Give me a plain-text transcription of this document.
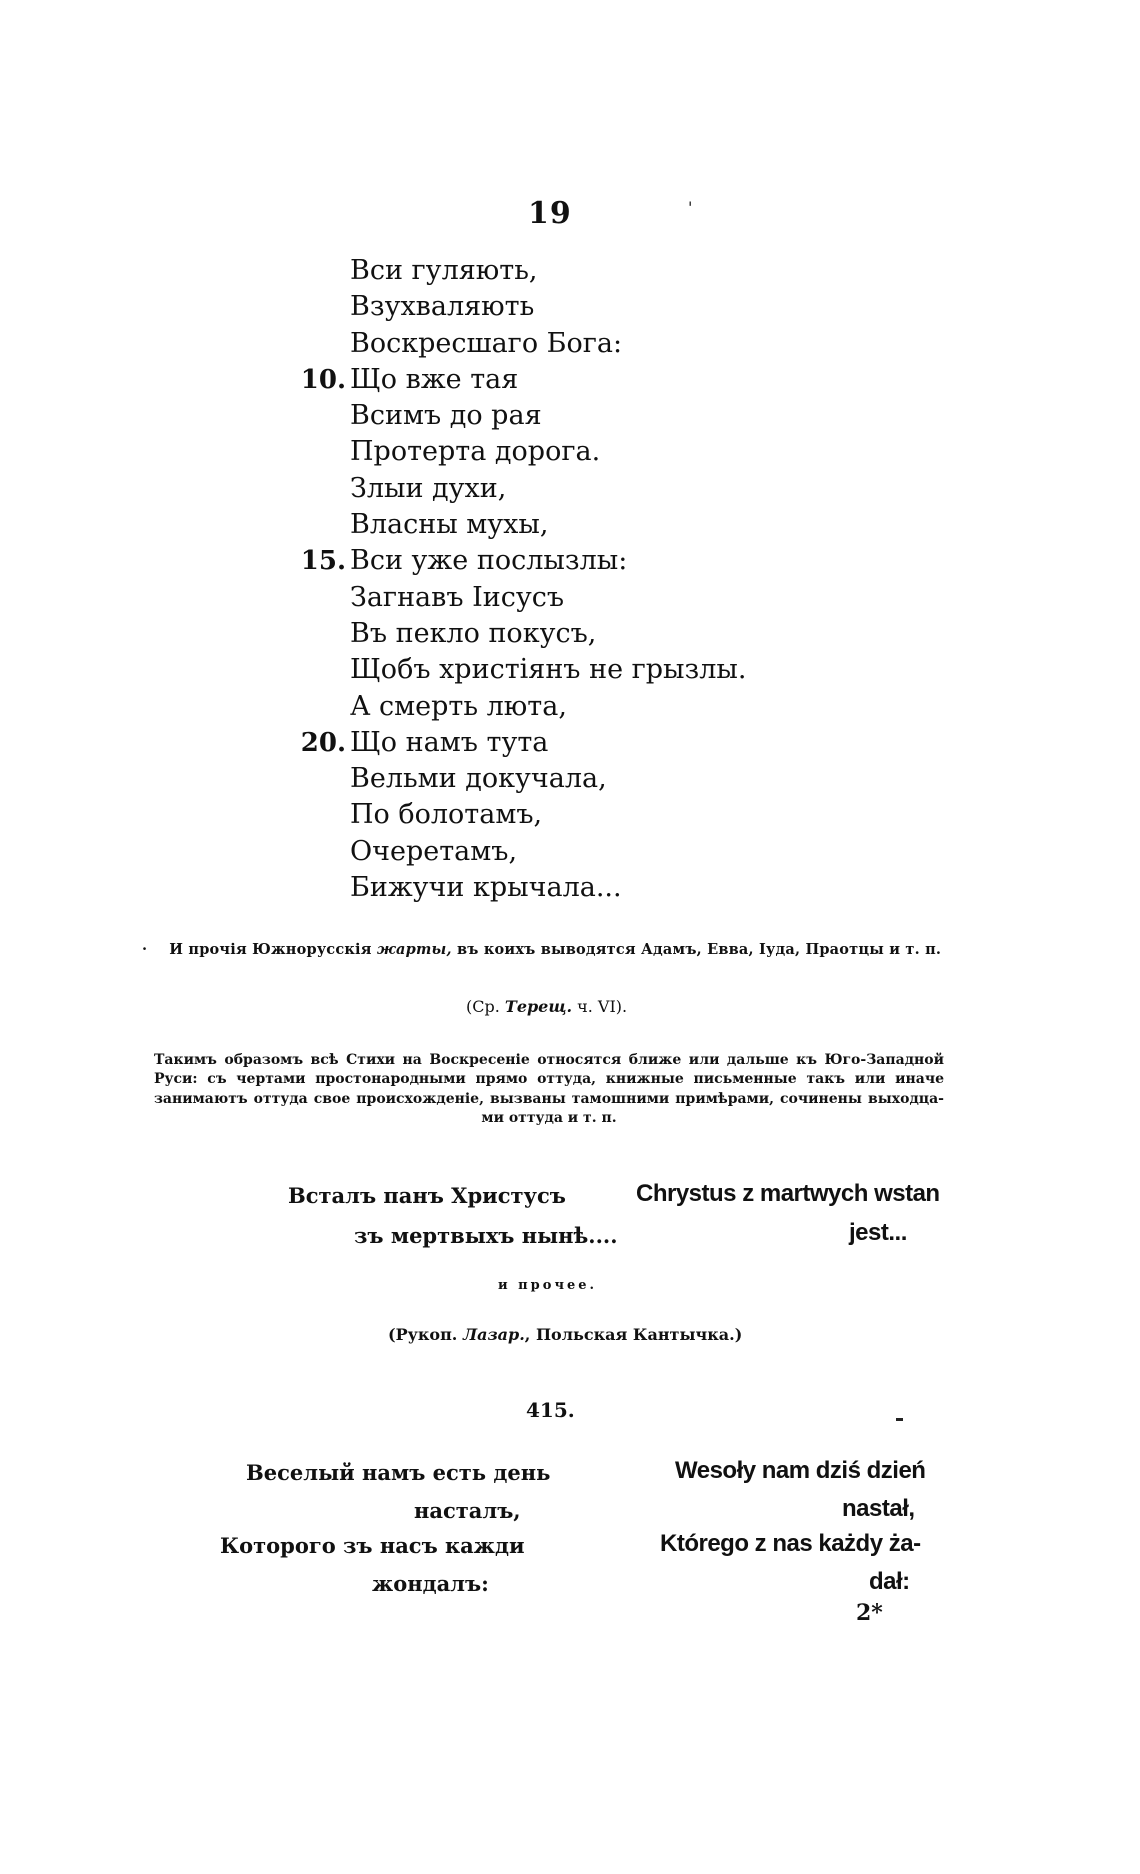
19	'
Вси гуляють,
Взухваляють
Воскресшаго Бога:
10. Що вже тая
Всимъ до рая
Протерта дорога.
Злыи духи,
Власны мухы,
15. Вси уже послызлы:
Загнавъ Іисусъ
Въ пекло покусъ,
Щобъ христіянъ не грызлы.
А смерть люта,
20. Що намъ тута
Вельми докучала,
По болотамъ,
Очеретамъ,
Бижучи крычала...
· И прочія Южнорусскія жарты, въ коихъ выводятся Адамъ, Евва, Іуда, Праотцы и т. п.
(Ср. Терещ. ч. VI).
Такимъ образомъ всѣ Стихи на Воскресеніе относятся ближе или дальше къ Юго-Западной
Руси: съ чертами простонародными прямо оттуда, книжные письменные такъ или иначе
занимаютъ оттуда свое происхожденіе, вызваны тамошними примѣрами, сочинены выходца-
ми оттуда и т. п.
Всталъ панъ Христусъ
зъ мертвыхъ нынѣ....
Chrystus z martwych wstan
jest...
и прочее.
(Рукоп. Лазар., Польская Кантычка.)
415.
Веселый намъ есть день
насталъ,
Которого зъ насъ кажди
жондалъ:
Wesoły nam dziś dzień
nastał,
Którego z nas każdy ża-
dał:
2*
